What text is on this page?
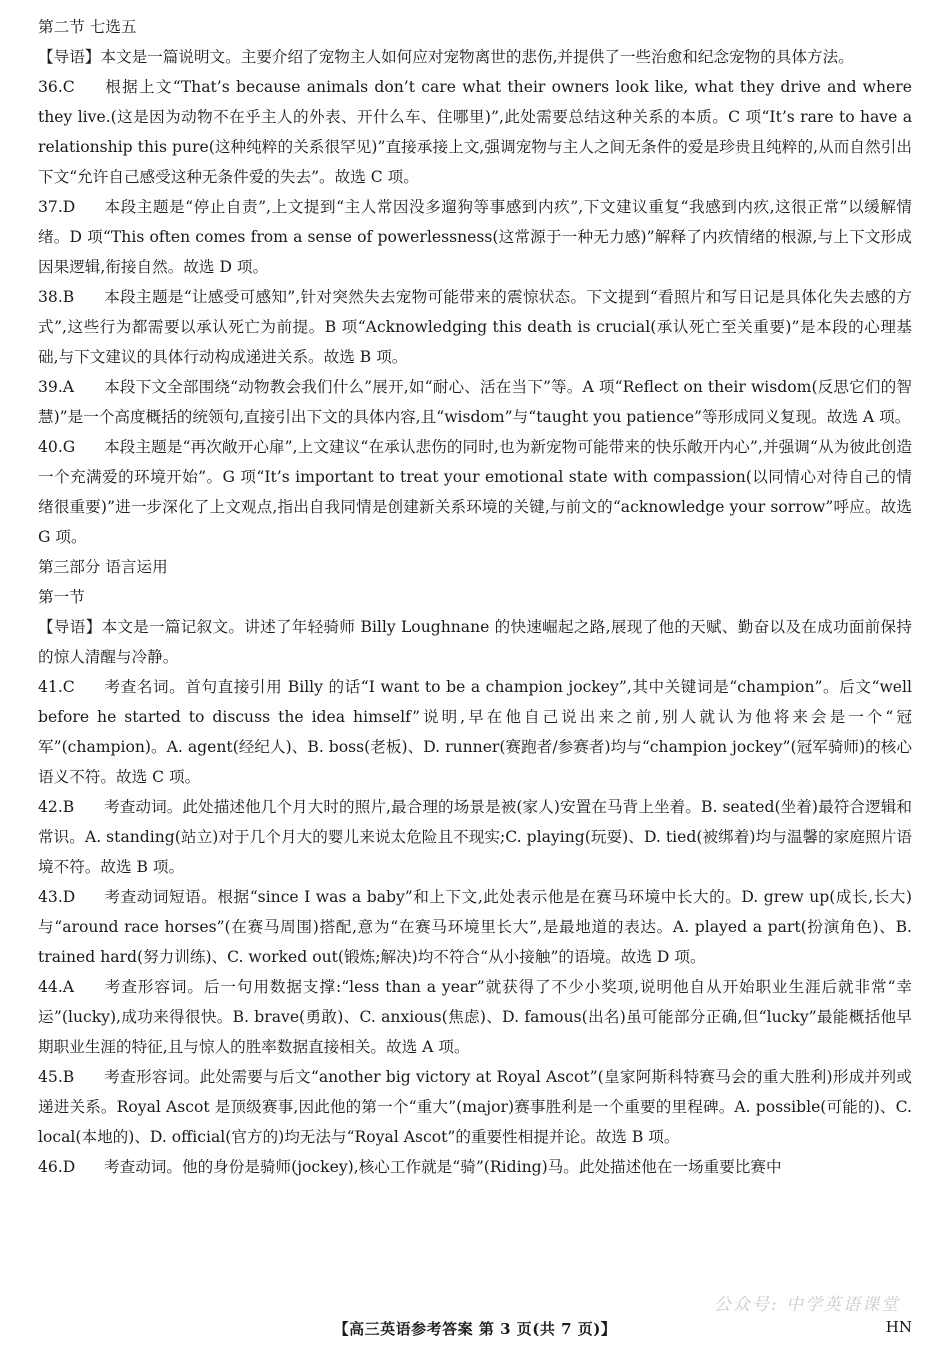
第二节 七选五
【导语】本文是一篇说明文。主要介绍了宠物主人如何应对宠物离世的悲伤,并提供了一些治愈和纪念宠物的具体方法。
36.C 根据上文“That’s because animals don’t care what their owners look like, what they drive and where they live.(这是因为动物不在乎主人的外表、开什么车、住哪里)”,此处需要总结这种关系的本质。C 项“It’s rare to have a relationship this pure(这种纯粹的关系很罕见)”直接承接上文,强调宠物与主人之间无条件的爱是珍贵且纯粹的,从而自然引出下文“允许自己感受这种无条件爱的失去”。故选 C 项。
37.D 本段主题是“停止自责”,上文提到“主人常因没多遛狗等事感到内疚”,下文建议重复“我感到内疚,这很正常”以缓解情绪。D 项“This often comes from a sense of powerlessness(这常源于一种无力感)”解释了内疚情绪的根源,与上下文形成因果逻辑,衔接自然。故选 D 项。
38.B 本段主题是“让感受可感知”,针对突然失去宠物可能带来的震惊状态。下文提到“看照片和写日记是具体化失去感的方式”,这些行为都需要以承认死亡为前提。B 项“Acknowledging this death is crucial(承认死亡至关重要)”是本段的心理基础,与下文建议的具体行动构成递进关系。故选 B 项。
39.A 本段下文全部围绕“动物教会我们什么”展开,如“耐心、活在当下”等。A 项“Reflect on their wisdom(反思它们的智慧)”是一个高度概括的统领句,直接引出下文的具体内容,且“wisdom”与“taught you patience”等形成同义复现。故选 A 项。
40.G 本段主题是“再次敞开心扉”,上文建议“在承认悲伤的同时,也为新宠物可能带来的快乐敞开内心”,并强调“从为彼此创造一个充满爱的环境开始”。G 项“It’s important to treat your emotional state with compassion(以同情心对待自己的情绪很重要)”进一步深化了上文观点,指出自我同情是创建新关系环境的关键,与前文的“acknowledge your sorrow”呼应。故选 G 项。
第三部分 语言运用
第一节
【导语】本文是一篇记叙文。讲述了年轻骑师 Billy Loughnane 的快速崛起之路,展现了他的天赋、勤奋以及在成功面前保持的惊人清醒与冷静。
41.C 考查名词。首句直接引用 Billy 的话“I want to be a champion jockey”,其中关键词是“champion”。后文“well before he started to discuss the idea himself”说明,早在他自己说出来之前,别人就认为他将来会是一个“冠军”(champion)。A. agent(经纪人)、B. boss(老板)、D. runner(赛跑者/参赛者)均与“champion jockey”(冠军骑师)的核心语义不符。故选 C 项。
42.B 考查动词。此处描述他几个月大时的照片,最合理的场景是被(家人)安置在马背上坐着。B. seated(坐着)最符合逻辑和常识。A. standing(站立)对于几个月大的婴儿来说太危险且不现实;C. playing(玩耍)、D. tied(被绑着)均与温馨的家庭照片语境不符。故选 B 项。
43.D 考查动词短语。根据“since I was a baby”和上下文,此处表示他是在赛马环境中长大的。D. grew up(成长,长大)与“around race horses”(在赛马周围)搭配,意为“在赛马环境里长大”,是最地道的表达。A. played a part(扮演角色)、B. trained hard(努力训练)、C. worked out(锻炼;解决)均不符合“从小接触”的语境。故选 D 项。
44.A 考查形容词。后一句用数据支撑:“less than a year”就获得了不少小奖项,说明他自从开始职业生涯后就非常“幸运”(lucky),成功来得很快。B. brave(勇敢)、C. anxious(焦虑)、D. famous(出名)虽可能部分正确,但“lucky”最能概括他早期职业生涯的特征,且与惊人的胜率数据直接相关。故选 A 项。
45.B 考查形容词。此处需要与后文“another big victory at Royal Ascot”(皇家阿斯科特赛马会的重大胜利)形成并列或递进关系。Royal Ascot 是顶级赛事,因此他的第一个“重大”(major)赛事胜利是一个重要的里程碑。A. possible(可能的)、C. local(本地的)、D. official(官方的)均无法与“Royal Ascot”的重要性相提并论。故选 B 项。
46.D 考查动词。他的身份是骑师(jockey),核心工作就是“骑”(Riding)马。此处描述他在一场重要比赛中
公众号: 中学英语课堂
【高三英语参考答案 第 3 页(共 7 页)】	HN
